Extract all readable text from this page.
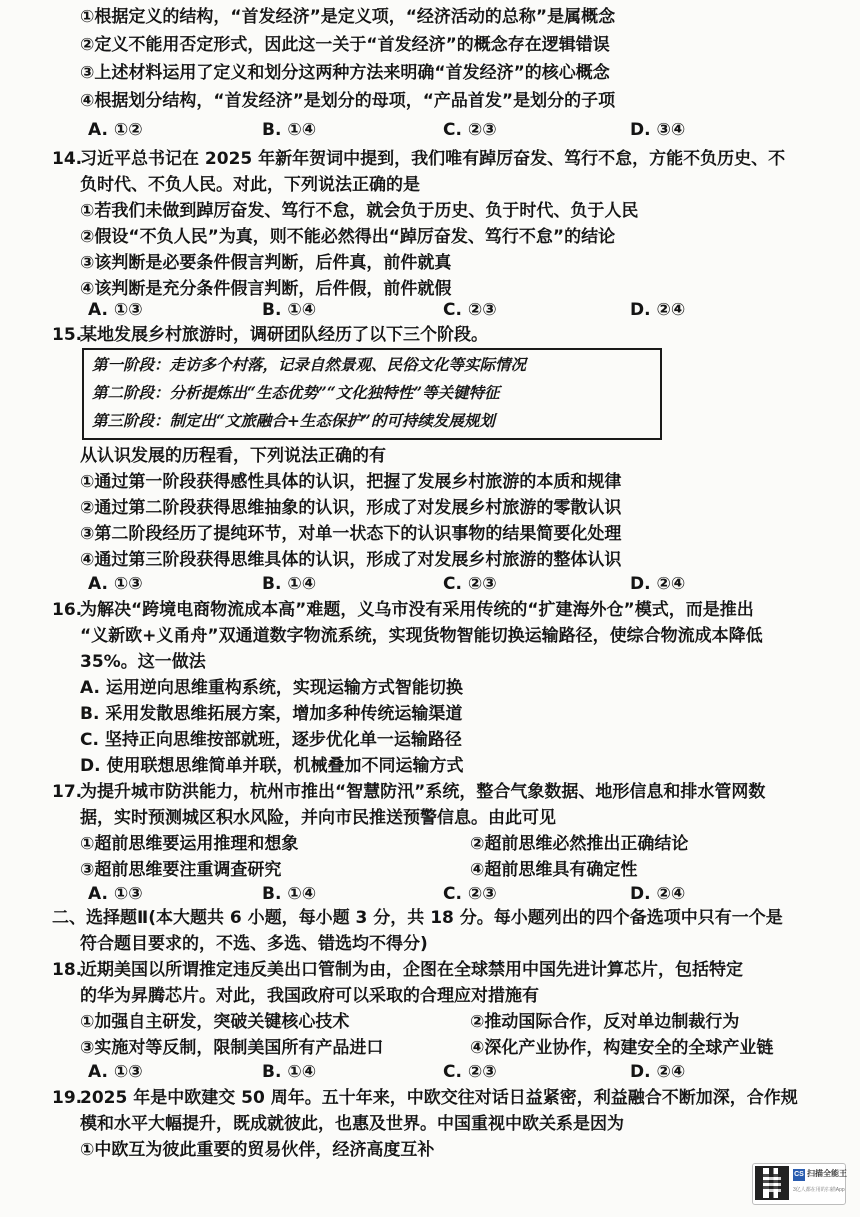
①根据定义的结构，“首发经济”是定义项，“经济活动的总称”是属概念
②定义不能用否定形式，因此这一关于“首发经济”的概念存在逻辑错误
③上述材料运用了定义和划分这两种方法来明确“首发经济”的核心概念
④根据划分结构，“首发经济”是划分的母项，“产品首发”是划分的子项
A. ①②	B. ①④	C. ②③	D. ③④
14.
习近平总书记在 2025 年新年贺词中提到，我们唯有踔厉奋发、笃行不怠，方能不负历史、不
负时代、不负人民。对此，下列说法正确的是
①若我们未做到踔厉奋发、笃行不怠，就会负于历史、负于时代、负于人民
②假设“不负人民”为真，则不能必然得出“踔厉奋发、笃行不怠”的结论
③该判断是必要条件假言判断，后件真，前件就真
④该判断是充分条件假言判断，后件假，前件就假
A. ①③	B. ①④	C. ②③	D. ②④
15.
某地发展乡村旅游时，调研团队经历了以下三个阶段。
第一阶段：走访多个村落，记录自然景观、民俗文化等实际情况
第二阶段：分析提炼出“生态优势”“文化独特性”等关键特征
第三阶段：制定出“文旅融合+生态保护”的可持续发展规划
从认识发展的历程看，下列说法正确的有
①通过第一阶段获得感性具体的认识，把握了发展乡村旅游的本质和规律
②通过第二阶段获得思维抽象的认识，形成了对发展乡村旅游的零散认识
③第二阶段经历了提纯环节，对单一状态下的认识事物的结果简要化处理
④通过第三阶段获得思维具体的认识，形成了对发展乡村旅游的整体认识
A. ①③	B. ①④	C. ②③	D. ②④
16.
为解决“跨境电商物流成本高”难题，义乌市没有采用传统的“扩建海外仓”模式，而是推出
“义新欧+义甬舟”双通道数字物流系统，实现货物智能切换运输路径，使综合物流成本降低
35%。这一做法
A. 运用逆向思维重构系统，实现运输方式智能切换
B. 采用发散思维拓展方案，增加多种传统运输渠道
C. 坚持正向思维按部就班，逐步优化单一运输路径
D. 使用联想思维简单并联，机械叠加不同运输方式
17.
为提升城市防洪能力，杭州市推出“智慧防汛”系统，整合气象数据、地形信息和排水管网数
据，实时预测城区积水风险，并向市民推送预警信息。由此可见
①超前思维要运用推理和想象	②超前思维必然推出正确结论
③超前思维要注重调查研究	④超前思维具有确定性
A. ①③	B. ①④	C. ②③	D. ②④
二、选择题Ⅱ(本大题共 6 小题，每小题 3 分，共 18 分。每小题列出的四个备选项中只有一个是
符合题目要求的，不选、多选、错选均不得分)
18.
近期美国以所谓推定违反美出口管制为由，企图在全球禁用中国先进计算芯片，包括特定
的华为昇腾芯片。对此，我国政府可以采取的合理应对措施有
①加强自主研发，突破关键核心技术	②推动国际合作，反对单边制裁行为
③实施对等反制，限制美国所有产品进口	④深化产业协作，构建安全的全球产业链
A. ①③	B. ①④	C. ②③	D. ②④
19.
2025 年是中欧建交 50 周年。五十年来，中欧交往对话日益紧密，利益融合不断加深，合作规
模和水平大幅提升，既成就彼此，也惠及世界。中国重视中欧关系是因为
①中欧互为彼此重要的贸易伙伴，经济高度互补
CS 扫描全能王
3亿人都在用的扫描App
